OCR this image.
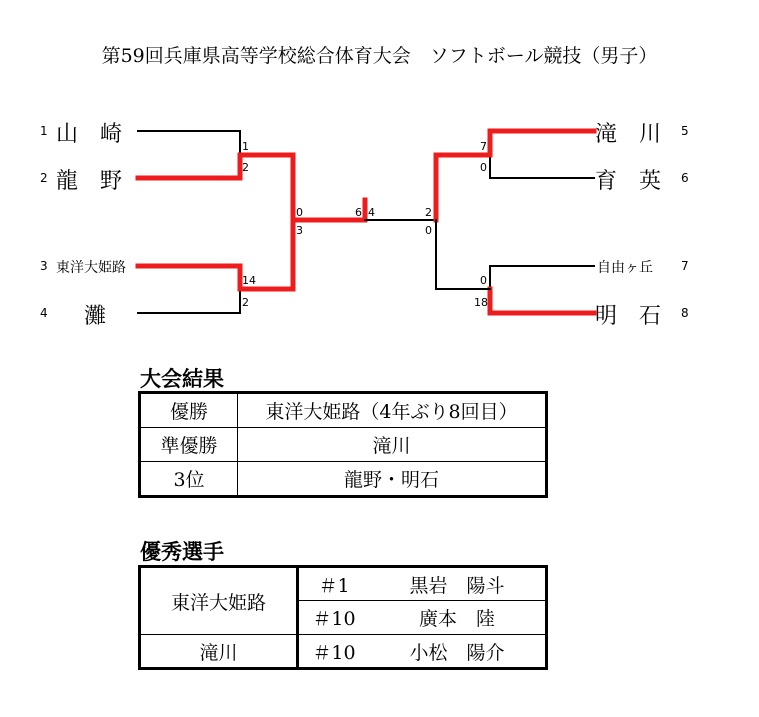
第59回兵庫県高等学校総合体育大会　ソフトボール競技（男子）
1 山　崎
2 龍　野
3 東洋大姫路
4 灘
滝　川 5
育　英 6
自由ヶ丘 7
明　石 8
1
2
14
2
7
0
0
18
0
3
2
0
6 4
大会結果
優勝	東洋大姫路（4年ぶり8回目）
準優勝	滝川
3位	龍野・明石
優秀選手
東洋大姫路	＃1	黒岩　陽斗
	＃10	廣本　陸
滝川	＃10	小松　陽介
